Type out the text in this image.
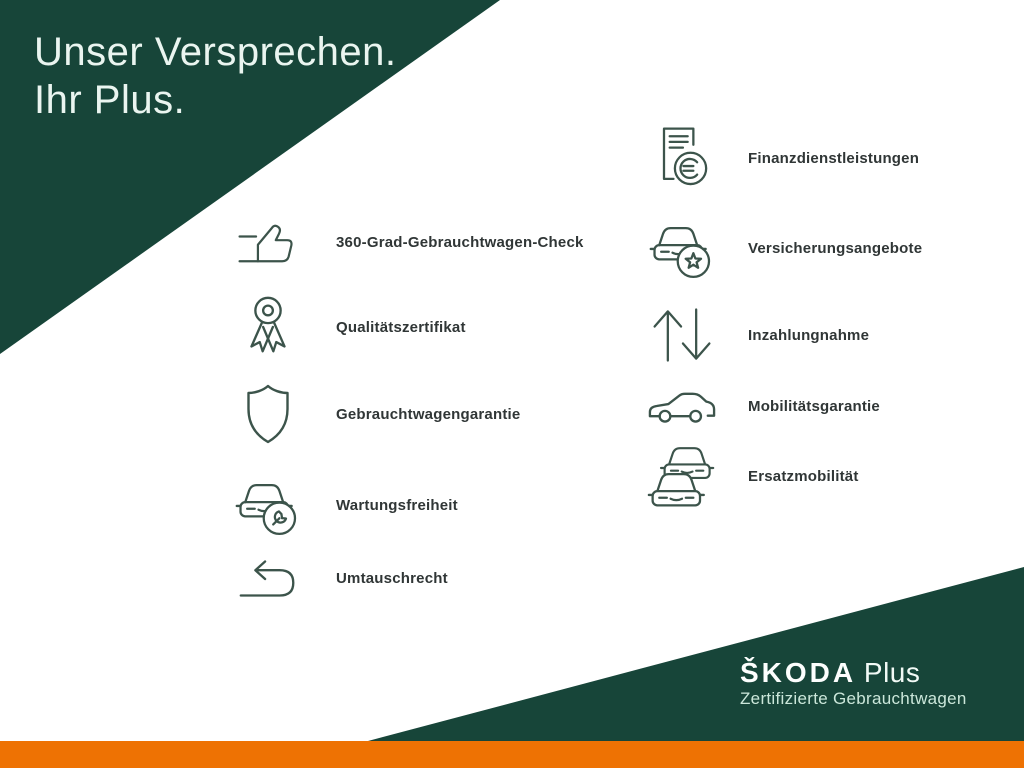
Unser Versprechen.
Ihr Plus.
360-Grad-Gebrauchtwagen-Check
Qualitätszertifikat
Gebrauchtwagengarantie
Wartungsfreiheit
Umtauschrecht
Finanzdienstleistungen
Versicherungsangebote
Inzahlungnahme
Mobilitätsgarantie
Ersatzmobilität
ŠKODA Plus
Zertifizierte Gebrauchtwagen
